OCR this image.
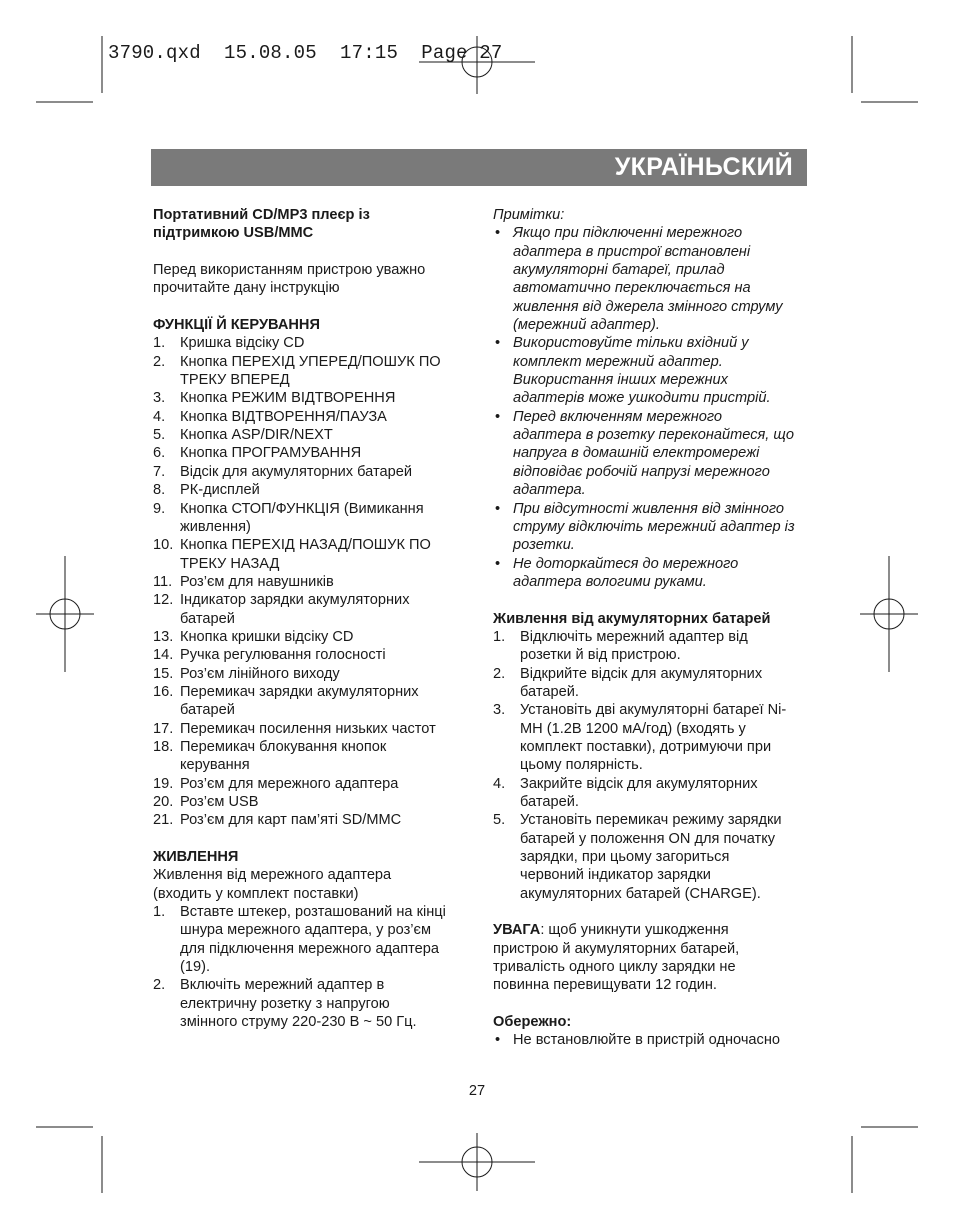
3790.qxd  15.08.05  17:15  Page 27
УКРАЇНЬСКИЙ
Портативний CD/MP3 плеєр із
підтримкою USB/MMC
Перед використанням пристрою уважно
прочитайте дану інструкцію
ФУНКЦІЇ Й КЕРУВАННЯ
1. Кришка відсіку CD
2. Кнопка ПЕРЕХІД УПЕРЕД/ПОШУК ПО
ТРЕКУ ВПЕРЕД
3. Кнопка РЕЖИМ ВІДТВОРЕННЯ
4. Кнопка ВІДТВОРЕННЯ/ПАУЗА
5. Кнопка ASP/DIR/NEXT
6. Кнопка ПРОГРАМУВАННЯ
7. Відсік для акумуляторних батарей
8. РК-дисплей
9. Кнопка СТОП/ФУНКЦІЯ (Вимикання
живлення)
10. Кнопка ПЕРЕХІД НАЗАД/ПОШУК ПО
ТРЕКУ НАЗАД
11. Роз’єм для навушників
12. Індикатор зарядки акумуляторних
батарей
13. Кнопка кришки відсіку CD
14. Ручка регулювання голосності
15. Роз’єм лінійного виходу
16. Перемикач зарядки акумуляторних
батарей
17. Перемикач посилення низьких частот
18. Перемикач блокування кнопок
керування
19. Роз’єм для мережного адаптера
20. Роз’єм USB
21. Роз’єм для карт пам’яті SD/MMC
ЖИВЛЕННЯ
Живлення від мережного адаптера
(входить у комплект поставки)
1. Вставте штекер, розташований на кінці
шнура мережного адаптера, у роз’єм
для підключення мережного адаптера
(19).
2. Включіть мережний адаптер в
електричну розетку з напругою
змінного струму 220-230 В ~ 50 Гц.
Примітки:
• Якщо при підключенні мережного
адаптера в пристрої встановлені
акумуляторні батареї, прилад
автоматично переключається на
живлення від джерела змінного струму
(мережний адаптер).
• Використовуйте тільки вхідний у
комплект мережний адаптер.
Використання інших мережних
адаптерів може ушкодити пристрій.
• Перед включенням мережного
адаптера в розетку переконайтеся, що
напруга в домашній електромережі
відповідає робочій напрузі мережного
адаптера.
• При відсутності живлення від змінного
струму відключіть мережний адаптер із
розетки.
• Не доторкайтеся до мережного
адаптера вологими руками.
Живлення від акумуляторних батарей
1. Відключіть мережний адаптер від
розетки й від пристрою.
2. Відкрийте відсік для акумуляторних
батарей.
3. Установіть дві акумуляторні батареї Ni-
MH (1.2В 1200 мА/год) (входять у
комплект поставки), дотримуючи при
цьому полярність.
4. Закрийте відсік для акумуляторних
батарей.
5. Установіть перемикач режиму зарядки
батарей у положення ON для початку
зарядки, при цьому загориться
червоний індикатор зарядки
акумуляторних батарей (CHARGE).
УВАГА: щоб уникнути ушкодження
пристрою й акумуляторних батарей,
тривалість одного циклу зарядки не
повинна перевищувати 12 годин.
Обережно:
• Не встановлюйте в пристрій одночасно
27
